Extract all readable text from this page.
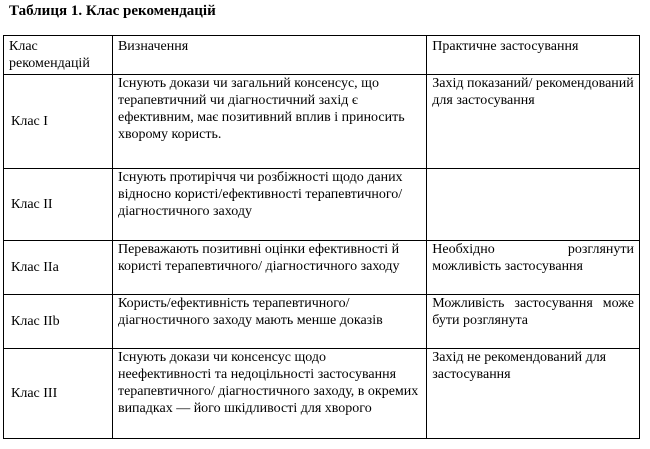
Таблиця 1. Клас рекомендацій
Клас рекомендацій	Визначення	Практичне застосування
Клас І	Існують докази чи загальний консенсус, що терапевтичний чи діагностичний захід є ефективним, має позитивний вплив і приносить хворому користь.	Захід показаний/ рекомендований для застосування
Клас ІІ	Існують протиріччя чи розбіжності щодо даних відносно користі/ефективності терапевтичного/діагностичного заходу	
Клас ІІа	Переважають позитивні оцінки ефективності й користі терапевтичного/ діагностичного заходу	Необхідно розглянути можливість застосування
Клас ІІb	Користь/ефективність терапевтичного/ діагностичного заходу мають менше доказів	Можливість застосування може бути розглянута
Клас ІІІ	Існують докази чи консенсус щодо неефективності та недоцільності застосування терапевтичного/ діагностичного заходу, в окремих випадках — його шкідливості для хворого	Захід не рекомендований для застосування
